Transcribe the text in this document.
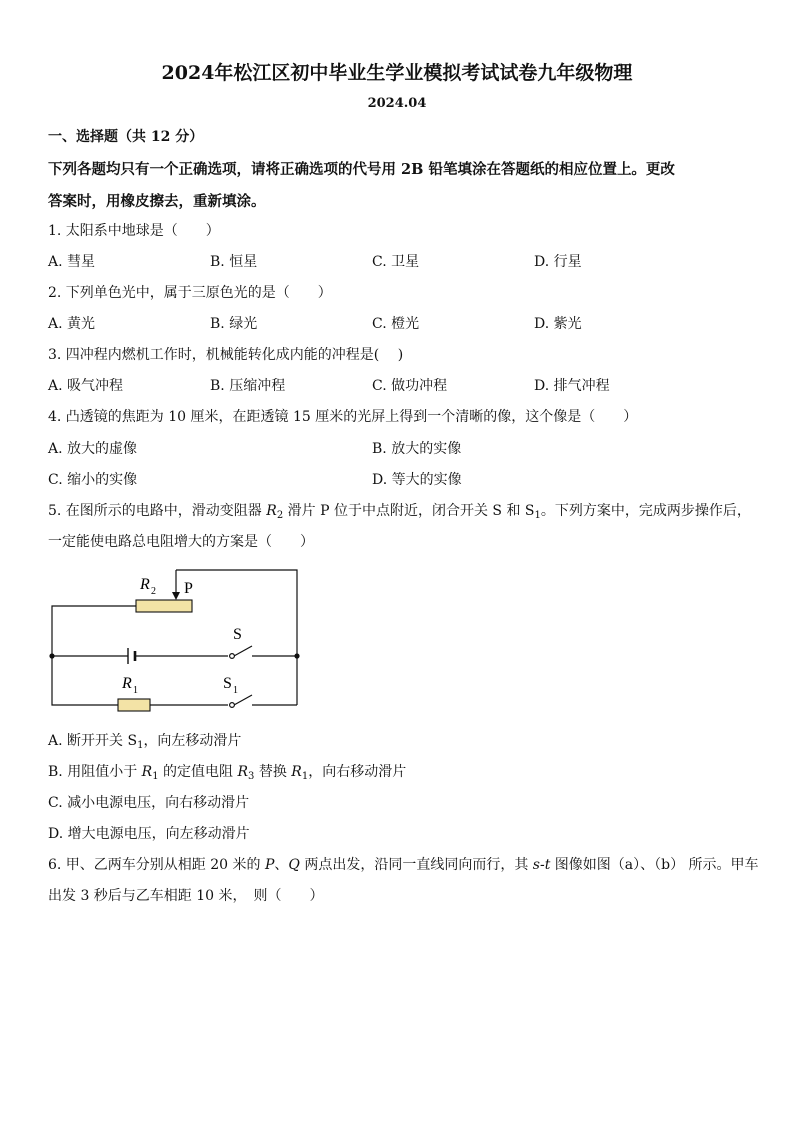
2024年松江区初中毕业生学业模拟考试试卷九年级物理
2024.04
一、选择题（共 12 分）
下列各题均只有一个正确选项，请将正确选项的代号用 2B 铅笔填涂在答题纸的相应位置上。更改
答案时，用橡皮擦去，重新填涂。
1. 太阳系中地球是（　　）
A. 彗星	B. 恒星	C. 卫星	D. 行星
2. 下列单色光中，属于三原色光的是（　　）
A. 黄光	B. 绿光	C. 橙光	D. 紫光
3. 四冲程内燃机工作时，机械能转化成内能的冲程是(　 )
A. 吸气冲程	B. 压缩冲程	C. 做功冲程	D. 排气冲程
4. 凸透镜的焦距为 10 厘米，在距透镜 15 厘米的光屏上得到一个清晰的像，这个像是（　　）
A. 放大的虚像	B. 放大的实像
C. 缩小的实像	D. 等大的实像
5. 在图所示的电路中，滑动变阻器 $R_2$ 滑片 P 位于中点附近，闭合开关 S 和 $S_1$。下列方案中，完成两步操作后，
一定能使电路总电阻增大的方案是（　　）
R 2 P
S
S 1
R 1
A. 断开开关 $S_1$，向左移动滑片
B. 用阻值小于 $R_1$ 的定值电阻 $R_3$ 替换 $R_1$，向右移动滑片
C. 减小电源电压，向右移动滑片
D. 增大电源电压，向左移动滑片
6. 甲、乙两车分别从相距 20 米的 P、Q 两点出发，沿同一直线同向而行，其 s-t 图像如图（a）、（b） 所示。甲车
出发 3 秒后与乙车相距 10 米，　则（　　）
